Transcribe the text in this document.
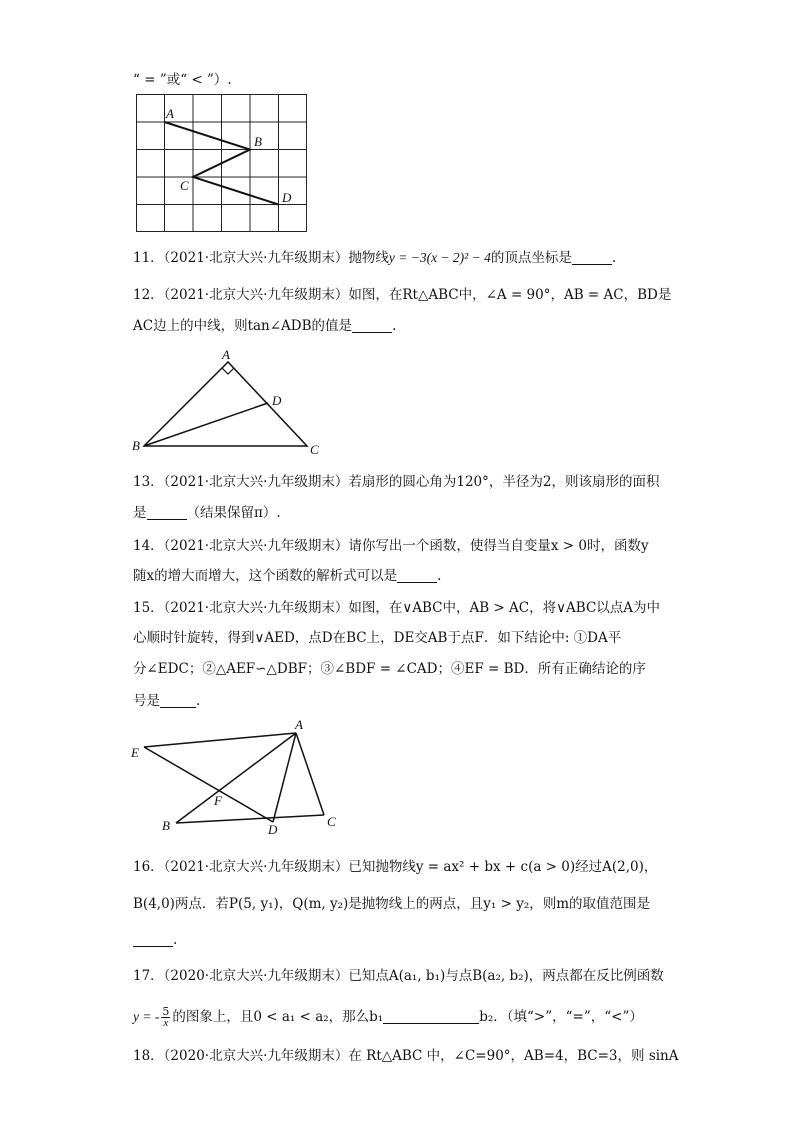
“ = ”或“ < ”）.
A
B
C
D
11．（2021·北京大兴·九年级期末）抛物线y = −3(x − 2)² − 4的顶点坐标是	.
12．（2021·北京大兴·九年级期末）如图，在Rt△ABC中，∠A = 90°，AB = AC，BD是
AC边上的中线，则tan∠ADB的值是	.
A
B	C
D
13．（2021·北京大兴·九年级期末）若扇形的圆心角为120°，半径为2，则该扇形的面积
是	（结果保留π）.
14．（2021·北京大兴·九年级期末）请你写出一个函数，使得当自变量x > 0时，函数y
随x的增大而增大，这个函数的解析式可以是	.
15．（2021·北京大兴·九年级期末）如图，在∨ABC中，AB > AC，将∨ABC以点A为中
心顺时针旋转，得到∨AED，点D在BC上，DE交AB于点F．如下结论中: ①DA平
分∠EDC；②△AEF∽△DBF；③∠BDF = ∠CAD；④EF = BD．所有正确结论的序
号是	.
A
B	C
D
E
F
16．（2021·北京大兴·九年级期末）已知抛物线y = ax² + bx + c(a > 0)经过A(2,0)，
B(4,0)两点．若P(5, y₁)，Q(m, y₂)是抛物线上的两点，且y₁ > y₂，则m的取值范围是
.
17．（2020·北京大兴·九年级期末）已知点A(a₁, b₁)与点B(a₂, b₂)，两点都在反比例函数
y = - $\frac{5}{x}$ 的图象上，且0 < a₁ < a₂，那么b₁	b₂．（填“>”，“=”，“<”）
18．（2020·北京大兴·九年级期末）在 Rt△ABC 中，∠C=90°，AB=4，BC=3，则 sinA
